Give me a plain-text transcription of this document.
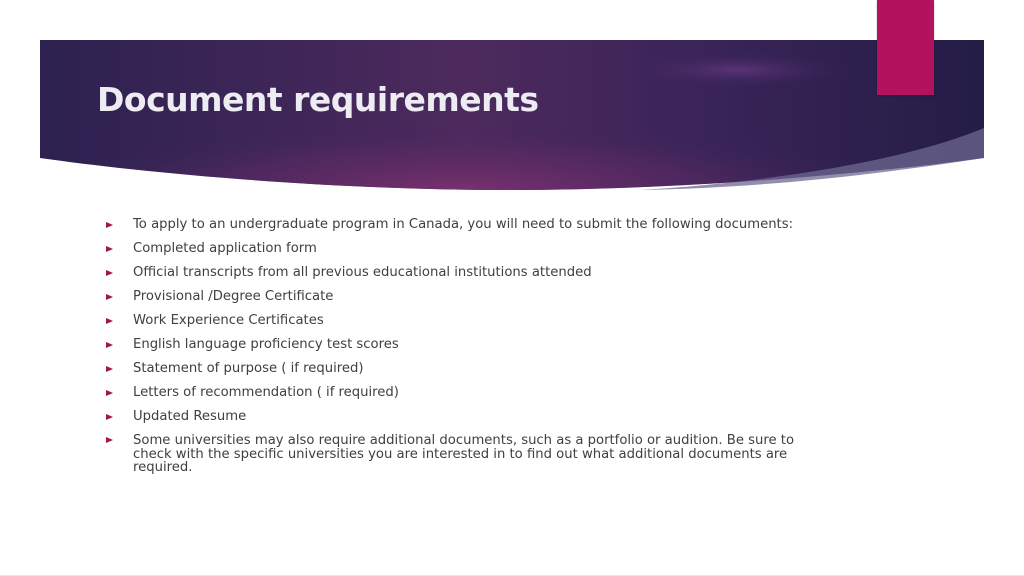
Document requirements
To apply to an undergraduate program in Canada, you will need to submit the following documents:
Completed application form
Official transcripts from all previous educational institutions attended
Provisional /Degree Certificate
Work Experience Certificates
English language proficiency test scores
Statement of purpose ( if required)
Letters of recommendation ( if required)
Updated Resume
Some universities may also require additional documents, such as a portfolio or audition. Be sure to check with the specific universities you are interested in to find out what additional documents are required.
